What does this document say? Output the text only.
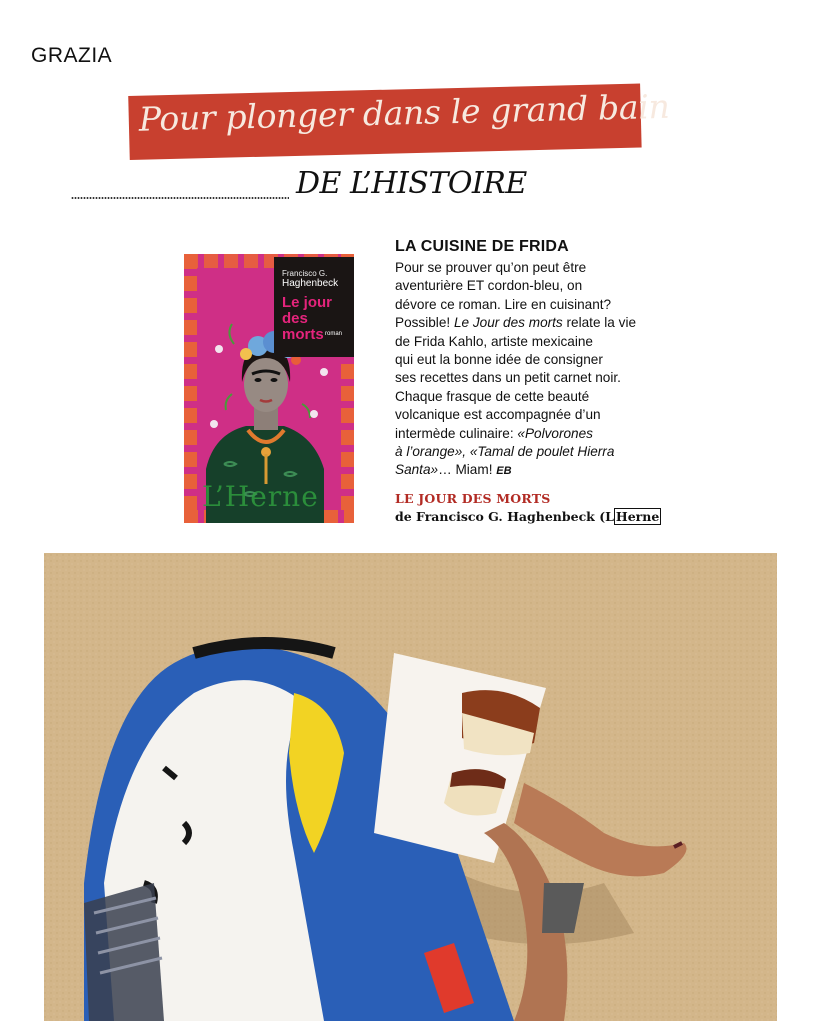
GRAZIA
Pour plonger dans le grand bain
DE L’HISTOIRE
Francisco G.
Haghenbeck
Le jour
des morts roman
L’Herne
LA CUISINE DE FRIDA
Pour se prouver qu’on peut être
aventurière ET cordon-bleu, on
dévore ce roman. Lire en cuisinant?
Possible! Le Jour des morts relate la vie
de Frida Kahlo, artiste mexicaine
qui eut la bonne idée de consigner
ses recettes dans un petit carnet noir.
Chaque frasque de cette beauté
volcanique est accompagnée d’un
intermède culinaire: «Polvorones
à l’orange», «Tamal de poulet Hierra
Santa»… Miam! EB
LE JOUR DES MORTS
de Francisco G. Haghenbeck (L Herne
